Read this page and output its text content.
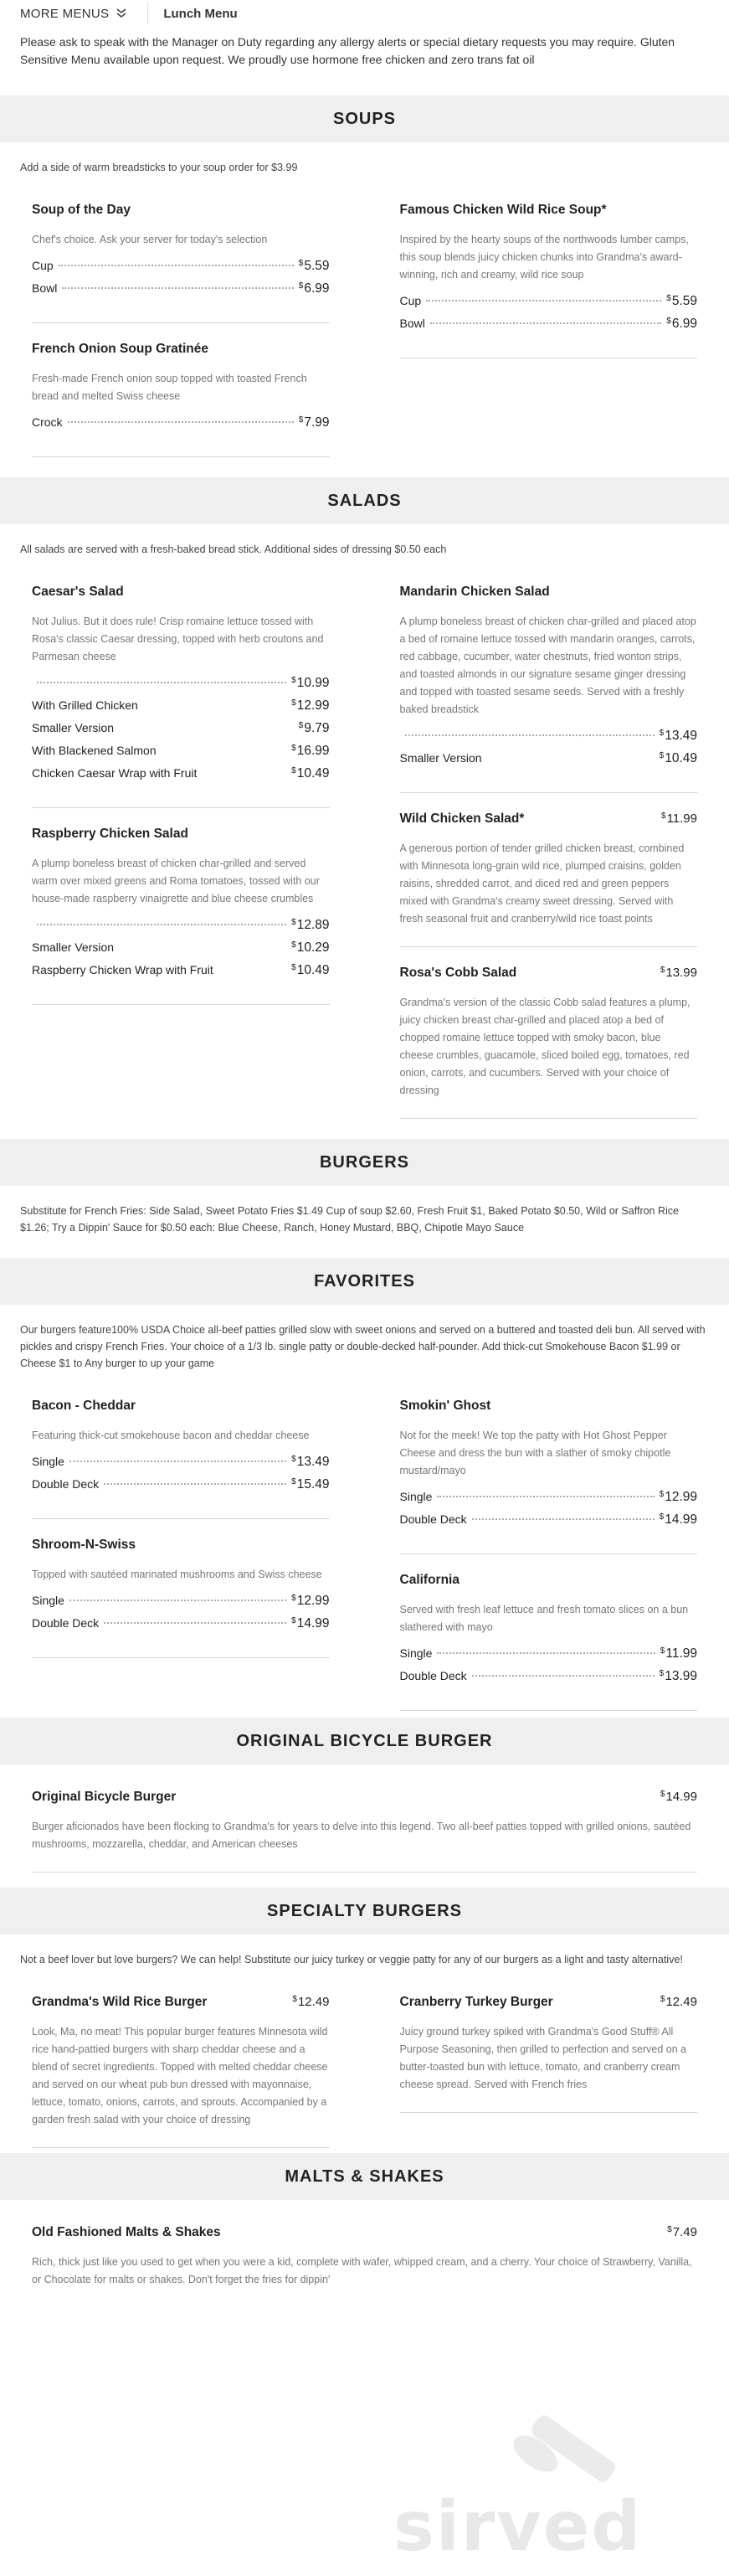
MORE MENUS	Lunch Menu
Please ask to speak with the Manager on Duty regarding any allergy alerts or special dietary requests you may require. Gluten Sensitive Menu available upon request. We proudly use hormone free chicken and zero trans fat oil
SOUPS
Add a side of warm breadsticks to your soup order for $3.99
Soup of the Day
Chef's choice. Ask your server for today's selection
Cup	$5.59
Bowl	$6.99
French Onion Soup Gratinée
Fresh-made French onion soup topped with toasted French bread and melted Swiss cheese
Crock	$7.99
Famous Chicken Wild Rice Soup*
Inspired by the hearty soups of the northwoods lumber camps, this soup blends juicy chicken chunks into Grandma's award-winning, rich and creamy, wild rice soup
Cup	$5.59
Bowl	$6.99
SALADS
All salads are served with a fresh-baked bread stick. Additional sides of dressing $0.50 each
Caesar's Salad
Not Julius. But it does rule! Crisp romaine lettuce tossed with Rosa's classic Caesar dressing, topped with herb croutons and Parmesan cheese
$10.99
With Grilled Chicken	$12.99
Smaller Version	$9.79
With Blackened Salmon	$16.99
Chicken Caesar Wrap with Fruit	$10.49
Raspberry Chicken Salad
A plump boneless breast of chicken char-grilled and served warm over mixed greens and Roma tomatoes, tossed with our house-made raspberry vinaigrette and blue cheese crumbles
$12.89
Smaller Version	$10.29
Raspberry Chicken Wrap with Fruit	$10.49
Mandarin Chicken Salad
A plump boneless breast of chicken char-grilled and placed atop a bed of romaine lettuce tossed with mandarin oranges, carrots, red cabbage, cucumber, water chestnuts, fried wonton strips, and toasted almonds in our signature sesame ginger dressing and topped with toasted sesame seeds. Served with a freshly baked breadstick
$13.49
Smaller Version	$10.49
Wild Chicken Salad*	$11.99
A generous portion of tender grilled chicken breast, combined with Minnesota long-grain wild rice, plumped craisins, golden raisins, shredded carrot, and diced red and green peppers mixed with Grandma's creamy sweet dressing. Served with fresh seasonal fruit and cranberry/wild rice toast points
Rosa's Cobb Salad	$13.99
Grandma's version of the classic Cobb salad features a plump, juicy chicken breast char-grilled and placed atop a bed of chopped romaine lettuce topped with smoky bacon, blue cheese crumbles, guacamole, sliced boiled egg, tomatoes, red onion, carrots, and cucumbers. Served with your choice of dressing
BURGERS
Substitute for French Fries: Side Salad, Sweet Potato Fries $1.49 Cup of soup $2.60, Fresh Fruit $1, Baked Potato $0.50, Wild or Saffron Rice $1.26; Try a Dippin' Sauce for $0.50 each: Blue Cheese, Ranch, Honey Mustard, BBQ, Chipotle Mayo Sauce
FAVORITES
Our burgers feature100% USDA Choice all-beef patties grilled slow with sweet onions and served on a buttered and toasted deli bun. All served with pickles and crispy French Fries. Your choice of a 1/3 lb. single patty or double-decked half-pounder. Add thick-cut Smokehouse Bacon $1.99 or Cheese $1 to Any burger to up your game
Bacon - Cheddar
Featuring thick-cut smokehouse bacon and cheddar cheese
Single	$13.49
Double Deck	$15.49
Shroom-N-Swiss
Topped with sautéed marinated mushrooms and Swiss cheese
Single	$12.99
Double Deck	$14.99
Smokin' Ghost
Not for the meek! We top the patty with Hot Ghost Pepper Cheese and dress the bun with a slather of smoky chipotle mustard/mayo
Single	$12.99
Double Deck	$14.99
California
Served with fresh leaf lettuce and fresh tomato slices on a bun slathered with mayo
Single	$11.99
Double Deck	$13.99
ORIGINAL BICYCLE BURGER
Original Bicycle Burger	$14.99
Burger aficionados have been flocking to Grandma's for years to delve into this legend. Two all-beef patties topped with grilled onions, sautéed mushrooms, mozzarella, cheddar, and American cheeses
SPECIALTY BURGERS
Not a beef lover but love burgers? We can help! Substitute our juicy turkey or veggie patty for any of our burgers as a light and tasty alternative!
Grandma's Wild Rice Burger	$12.49
Look, Ma, no meat! This popular burger features Minnesota wild rice hand-pattied burgers with sharp cheddar cheese and a blend of secret ingredients. Topped with melted cheddar cheese and served on our wheat pub bun dressed with mayonnaise, lettuce, tomato, onions, carrots, and sprouts. Accompanied by a garden fresh salad with your choice of dressing
Cranberry Turkey Burger	$12.49
Juicy ground turkey spiked with Grandma's Good Stuff® All Purpose Seasoning, then grilled to perfection and served on a butter-toasted bun with lettuce, tomato, and cranberry cream cheese spread. Served with French fries
MALTS & SHAKES
Old Fashioned Malts & Shakes	$7.49
Rich, thick just like you used to get when you were a kid, complete with wafer, whipped cream, and a cherry. Your choice of Strawberry, Vanilla, or Chocolate for malts or shakes. Don't forget the fries for dippin'
sirved
